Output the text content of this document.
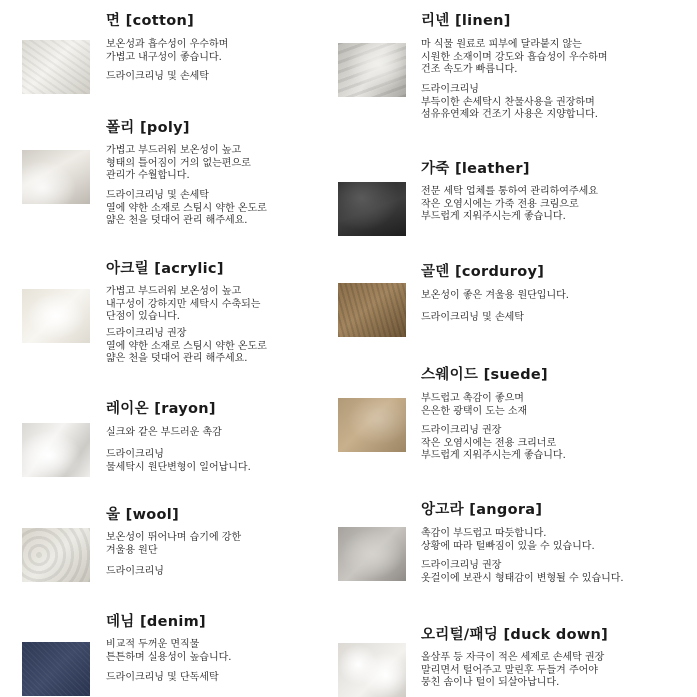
면 [cotton]
보온성과 흡수성이 우수하며
가볍고 내구성이 좋습니다.
드라이크리닝 및 손세탁
폴리 [poly]
가볍고 부드러워 보온성이 높고
형태의 틀어짐이 거의 없는편으로
관리가 수월합니다.
드라이크리닝 및 손세탁
열에 약한 소재로 스팀시 약한 온도로
얇은 천을 덧대어 관리 해주세요.
아크릴 [acrylic]
가볍고 부드러워 보온성이 높고
내구성이 강하지만 세탁시 수축되는
단점이 있습니다.
드라이크리닝 권장
열에 약한 소재로 스팀시 약한 온도로
얇은 천을 덧대어 관리 해주세요.
레이온 [rayon]
실크와 같은 부드러운 촉감
드라이크리닝
물세탁시 원단변형이 일어납니다.
울 [wool]
보온성이 뛰어나며 습기에 강한
겨울용 원단
드라이크리닝
데님 [denim]
비교적 두꺼운 면직물
튼튼하며 실용성이 높습니다.
드라이크리닝 및 단독세탁
리넨 [linen]
마 식물 원료로 피부에 달라붙지 않는
시원한 소재이며 강도와 흡습성이 우수하며
건조 속도가 빠릅니다.
드라이크리닝
부득이한 손세탁시 찬물사용을 권장하며
섬유유연제와 건조기 사용은 지양합니다.
가죽 [leather]
전문 세탁 업체를 통하여 관리하여주세요
작은 오염시에는 가죽 전용 크림으로
부드럽게 지워주시는게 좋습니다.
골덴 [corduroy]
보온성이 좋은 겨울용 원단입니다.
드라이크리닝 및 손세탁
스웨이드 [suede]
부드럽고 촉감이 좋으며
은은한 광택이 도는 소재
드라이크리닝 권장
작은 오염시에는 전용 크리너로
부드럽게 지워주시는게 좋습니다.
앙고라 [angora]
촉감이 부드럽고 따듯합니다.
상황에 따라 털빠짐이 있을 수 있습니다.
드라이크리닝 권장
옷걸이에 보관시 형태감이 변형될 수 있습니다.
오리털/패딩 [duck down]
올삼푸 등 자극이 적은 세제로 손세탁 권장
말리면서 털어주고 말린후 두들겨 주어야
뭉친 솜이나 털이 되살아납니다.
